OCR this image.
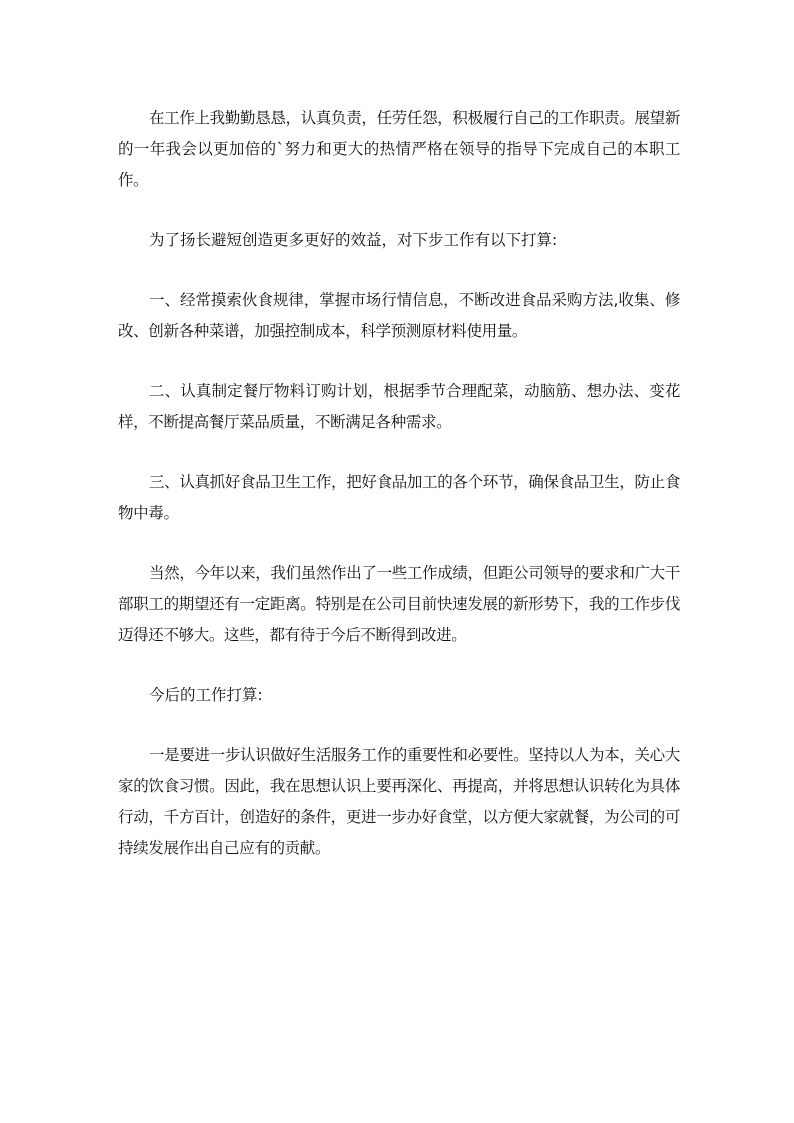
在工作上我勤勤恳恳，认真负责，任劳任怨，积极履行自己的工作职责。展望新的一年我会以更加倍的`努力和更大的热情严格在领导的指导下完成自己的本职工作。

为了扬长避短创造更多更好的效益，对下步工作有以下打算:

一、经常摸索伙食规律，掌握市场行情信息，不断改进食品采购方法,收集、修改、创新各种菜谱，加强控制成本，科学预测原材料使用量。

二、认真制定餐厅物料订购计划，根据季节合理配菜，动脑筋、想办法、变花样，不断提高餐厅菜品质量，不断满足各种需求。

三、认真抓好食品卫生工作，把好食品加工的各个环节，确保食品卫生，防止食物中毒。

当然，今年以来，我们虽然作出了一些工作成绩，但距公司领导的要求和广大干部职工的期望还有一定距离。特别是在公司目前快速发展的新形势下，我的工作步伐迈得还不够大。这些，都有待于今后不断得到改进。

今后的工作打算:

一是要进一步认识做好生活服务工作的重要性和必要性。坚持以人为本，关心大家的饮食习惯。因此，我在思想认识上要再深化、再提高，并将思想认识转化为具体行动，千方百计，创造好的条件，更进一步办好食堂，以方便大家就餐，为公司的可持续发展作出自己应有的贡献。
